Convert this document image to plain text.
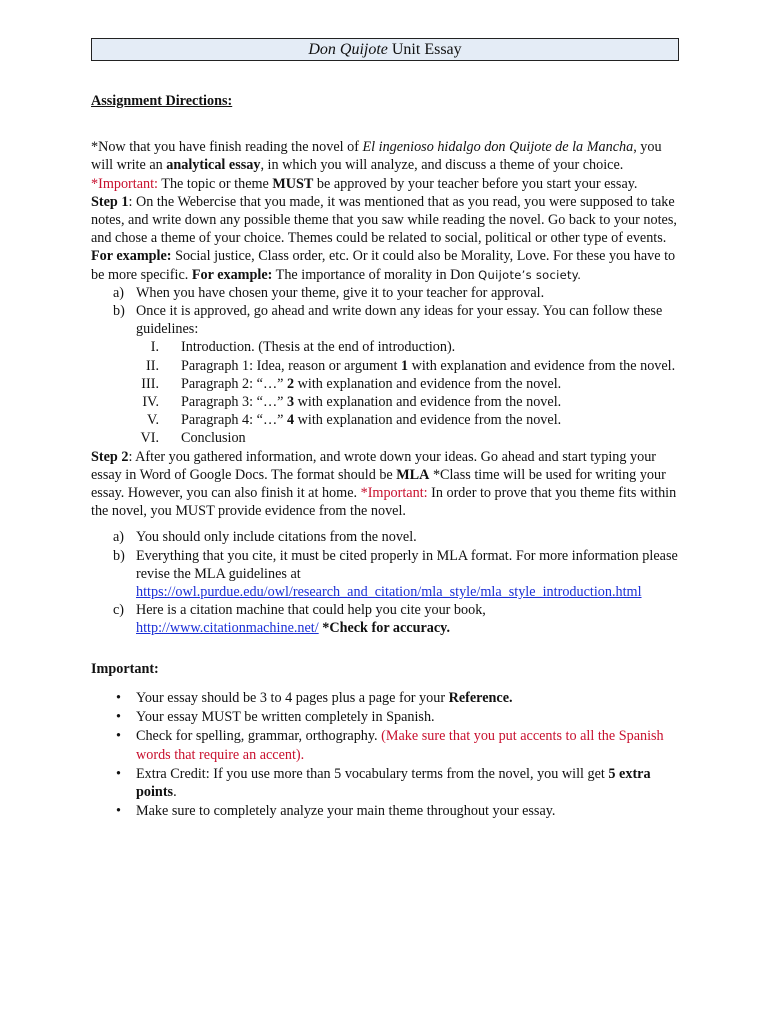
Don Quijote Unit Essay

Assignment Directions:

*Now that you have finish reading the novel of El ingenioso hidalgo don Quijote de la Mancha, you will write an analytical essay, in which you will analyze, and discuss a theme of your choice. *Important: The topic or theme MUST be approved by your teacher before you start your essay.

Step 1: On the Webercise that you made, it was mentioned that as you read, you were supposed to take notes, and write down any possible theme that you saw while reading the novel. Go back to your notes, and chose a theme of your choice. Themes could be related to social, political or other type of events. For example: Social justice, Class order, etc. Or it could also be Morality, Love. For these you have to be more specific. For example: The importance of morality in Don Quijote’s society.

a) When you have chosen your theme, give it to your teacher for approval.
b) Once it is approved, go ahead and write down any ideas for your essay. You can follow these guidelines:
I. Introduction. (Thesis at the end of introduction).
II. Paragraph 1: Idea, reason or argument 1 with explanation and evidence from the novel.
III. Paragraph 2: “…” 2 with explanation and evidence from the novel.
IV. Paragraph 3: “…” 3 with explanation and evidence from the novel.
V. Paragraph 4: “…” 4 with explanation and evidence from the novel.
VI. Conclusion

Step 2: After you gathered information, and wrote down your ideas. Go ahead and start typing your essay in Word of Google Docs. The format should be MLA *Class time will be used for writing your essay. However, you can also finish it at home. *Important: In order to prove that you theme fits within the novel, you MUST provide evidence from the novel.

a) You should only include citations from the novel.
b) Everything that you cite, it must be cited properly in MLA format. For more information please revise the MLA guidelines at
https://owl.purdue.edu/owl/research_and_citation/mla_style/mla_style_introduction.html
c) Here is a citation machine that could help you cite your book,
http://www.citationmachine.net/ *Check for accuracy.

Important:

• Your essay should be 3 to 4 pages plus a page for your Reference.
• Your essay MUST be written completely in Spanish.
• Check for spelling, grammar, orthography. (Make sure that you put accents to all the Spanish words that require an accent).
• Extra Credit: If you use more than 5 vocabulary terms from the novel, you will get 5 extra points.
• Make sure to completely analyze your main theme throughout your essay.
